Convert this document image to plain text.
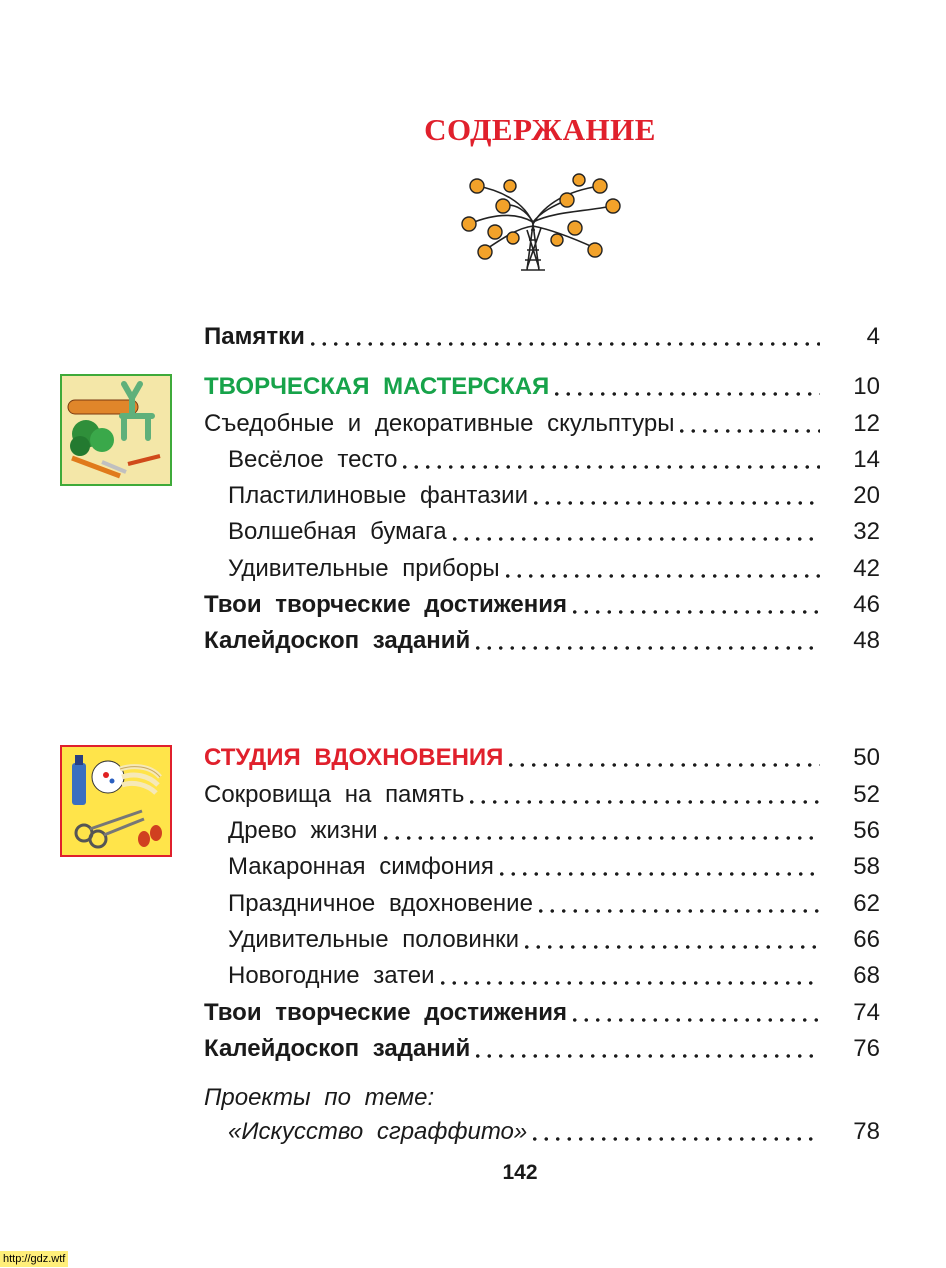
СОДЕРЖАНИЕ
Памятки	4
ТВОРЧЕСКАЯ МАСТЕРСКАЯ	10
Съедобные и декоративные скульптуры	12
Весёлое тесто	14
Пластилиновые фантазии	20
Волшебная бумага	32
Удивительные приборы	42
Твои творческие достижения	46
Калейдоскоп заданий	48
СТУДИЯ ВДОХНОВЕНИЯ	50
Сокровища на память	52
Древо жизни	56
Макаронная симфония	58
Праздничное вдохновение	62
Удивительные половинки	66
Новогодние затеи	68
Твои творческие достижения	74
Калейдоскоп заданий	76
Проекты по теме:
«Искусство сграффито»	78
142
http://gdz.wtf
